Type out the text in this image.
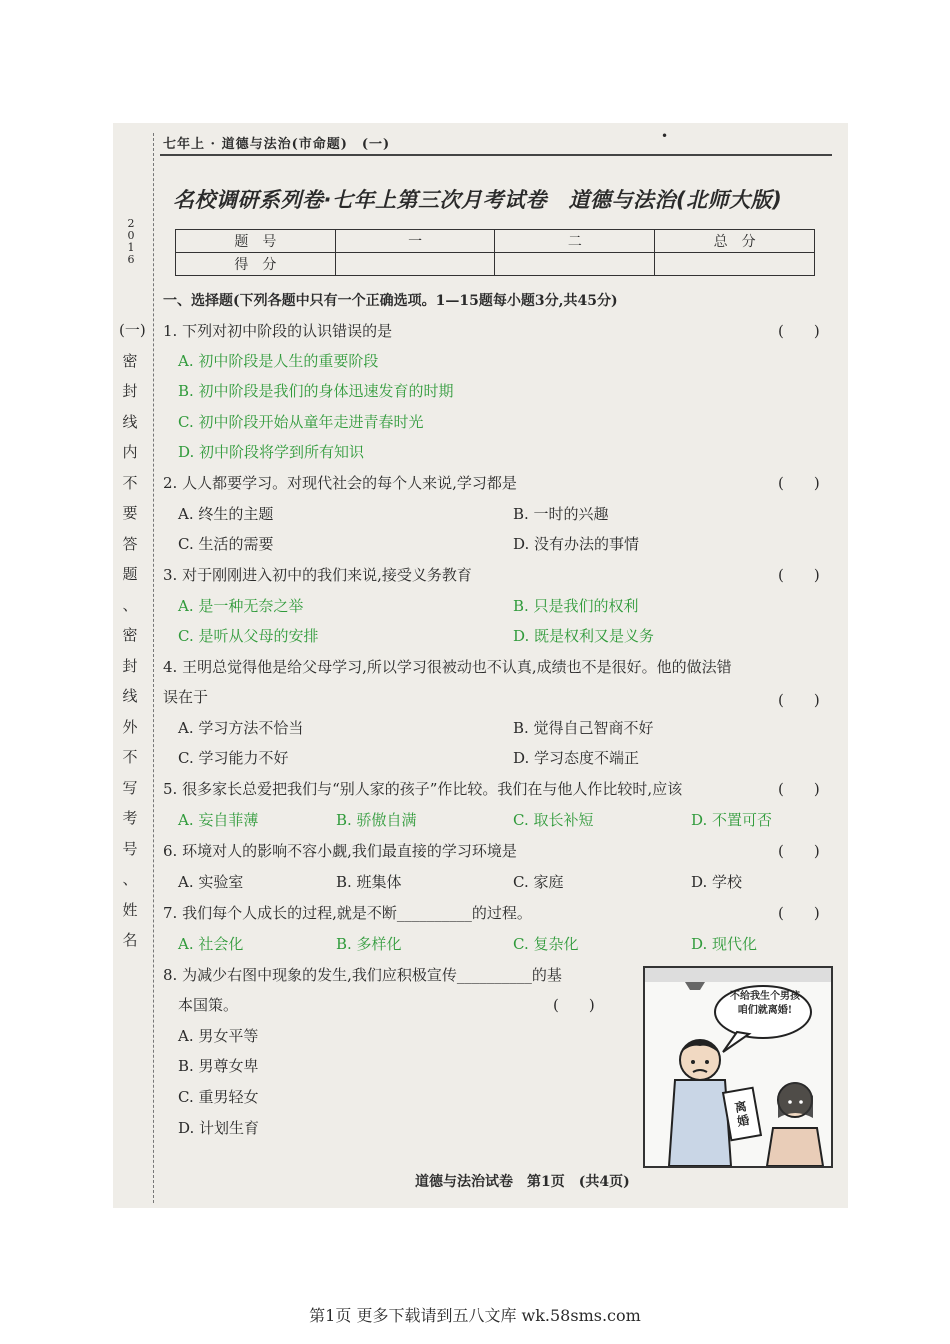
2
0
1
6
(一)
密
封
线
内
不
要
答
题
、
密
封
线
外
不
写
考
号
、
姓
名
七年上 · 道德与法治(市命题)　(一)
•
名校调研系列卷·七年上第三次月考试卷　道德与法治(北师大版)
题　号	一	二	总　分
得　分			
一、选择题(下列各题中只有一个正确选项。1—15题每小题3分,共45分)
1. 下列对初中阶段的认识错误的是	(　　)
A. 初中阶段是人生的重要阶段
B. 初中阶段是我们的身体迅速发育的时期
C. 初中阶段开始从童年走进青春时光
D. 初中阶段将学到所有知识
2. 人人都要学习。对现代社会的每个人来说,学习都是	(　　)
A. 终生的主题	B. 一时的兴趣
C. 生活的需要	D. 没有办法的事情
3. 对于刚刚进入初中的我们来说,接受义务教育	(　　)
A. 是一种无奈之举	B. 只是我们的权利
C. 是听从父母的安排	D. 既是权利又是义务
4. 王明总觉得他是给父母学习,所以学习很被动也不认真,成绩也不是很好。他的做法错
误在于	(　　)
A. 学习方法不恰当	B. 觉得自己智商不好
C. 学习能力不好	D. 学习态度不端正
5. 很多家长总爱把我们与“别人家的孩子”作比较。我们在与他人作比较时,应该	(　　)
A. 妄自菲薄	B. 骄傲自满	C. 取长补短	D. 不置可否
6. 环境对人的影响不容小觑,我们最直接的学习环境是	(　　)
A. 实验室	B. 班集体	C. 家庭	D. 学校
7. 我们每个人成长的过程,就是不断__________的过程。	(　　)
A. 社会化	B. 多样化	C. 复杂化	D. 现代化
8. 为减少右图中现象的发生,我们应积极宣传__________的基
本国策。	(　　)
A. 男女平等
B. 男尊女卑
C. 重男轻女
D. 计划生育
不给我生个男孩咱们就离婚!
离婚
道德与法治试卷　第1页　(共4页)
第1页 更多下载请到五八文库 wk.58sms.com
